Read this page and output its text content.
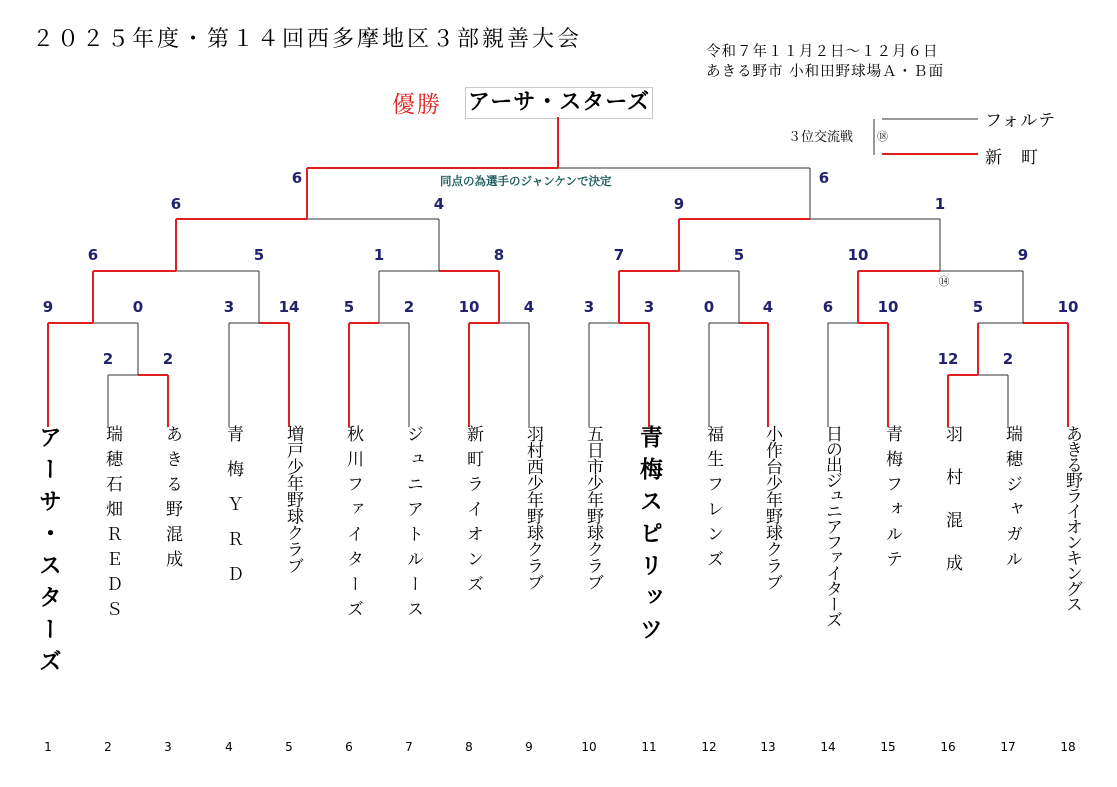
２０２５年度・第１４回西多摩地区３部親善大会	令和７年１１月２日～１２月６日
あきる野市 小和田野球場Ａ・Ｂ面
優勝 アーサ・スターズ
３位交流戦 ⑱
フォルテ
新　町
同点の為選手のジャンケンで決定
2	2	12	2
9	0	3	14	5	2	10	4	3	3	0	4	6	10	5	10
6	5	1	8	7	5	10	9
6	4	9	1
6	6
⑭
アーサ・スターズ
1
瑞穂石畑ＲＥＤＳ
2
あきる野混成
3
青梅ＹＲＤ
4
増戸少年野球クラブ
5
秋川ファイターズ
6
ジュニアトルース
7
新町ライオンズ
8
羽村西少年野球クラブ
9
五日市少年野球クラブ
10
青梅スピリッツ
11
福生フレンズ
12
小作台少年野球クラブ
13
日の出ジュニアファイターズ
14
青梅フォルテ
15
羽村混成
16
瑞穂ジャガル
17
あきる野ライオンキングス
18
